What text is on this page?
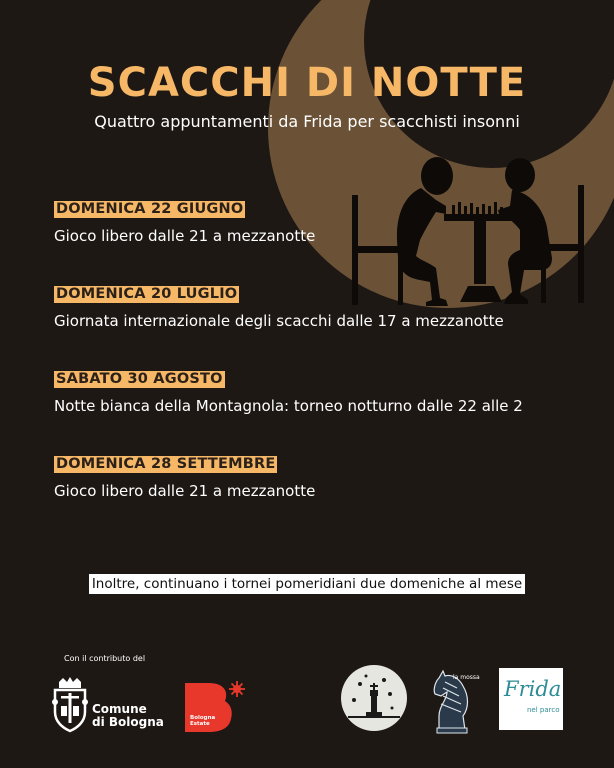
SCACCHI DI NOTTE
Quattro appuntamenti da Frida per scacchisti insonni
DOMENICA 22 GIUGNO
Gioco libero dalle 21 a mezzanotte
DOMENICA 20 LUGLIO
Giornata internazionale degli scacchi dalle 17 a mezzanotte
SABATO 30 AGOSTO
Notte bianca della Montagnola: torneo notturno dalle 22 alle 2
DOMENICA 28 SETTEMBRE
Gioco libero dalle 21 a mezzanotte
Inoltre, continuano i tornei pomeridiani due domeniche al mese
Con il contributo del
Comune
di Bologna	Bologna
Estate
la mossa Frida
nel parco
